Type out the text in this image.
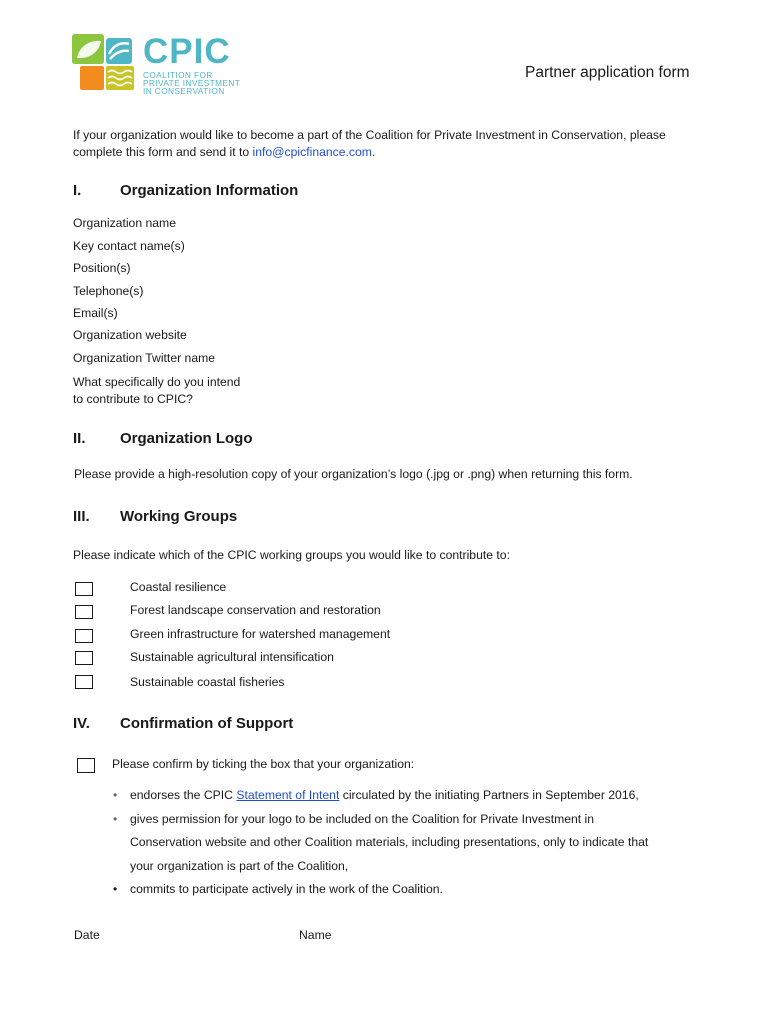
CPIC
COALITION FOR
PRIVATE INVESTMENT
IN CONSERVATION
Partner application form
If your organization would like to become a part of the Coalition for Private Investment in Conservation, please complete this form and send it to info@cpicfinance.com.
I.	Organization Information
Organization name
Key contact name(s)
Position(s)
Telephone(s)
Email(s)
Organization website
Organization Twitter name
What specifically do you intend
to contribute to CPIC?
II. Organization Logo
Please provide a high-resolution copy of your organization’s logo (.jpg or .png) when returning this form.
III. Working Groups
Please indicate which of the CPIC working groups you would like to contribute to:
Coastal resilience
Forest landscape conservation and restoration
Green infrastructure for watershed management
Sustainable agricultural intensification
Sustainable coastal fisheries
IV. Confirmation of Support
Please confirm by ticking the box that your organization:
• endorses the CPIC Statement of Intent circulated by the initiating Partners in September 2016,
• gives permission for your logo to be included on the Coalition for Private Investment in
Conservation website and other Coalition materials, including presentations, only to indicate that
your organization is part of the Coalition,
• commits to participate actively in the work of the Coalition.
Date	Name
